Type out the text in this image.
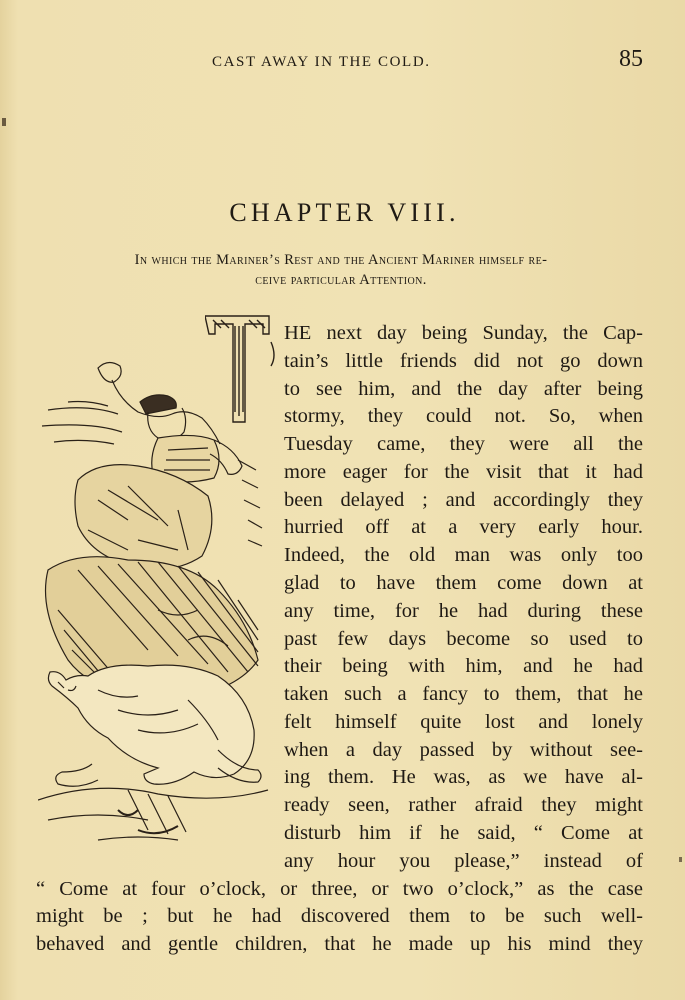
CAST AWAY IN THE COLD.	85
CHAPTER VIII.
In which the Mariner’s Rest and the Ancient Mariner himself re-
ceive particular Attention.
HE next day being Sunday, the Cap-
tain’s little friends did not go down
to see him, and the day after being
stormy, they could not. So, when
Tuesday came, they were all the
more eager for the visit that it had
been delayed ; and accordingly they
hurried off at a very early hour.
Indeed, the old man was only too
glad to have them come down at
any time, for he had during these
past few days become so used to
their being with him, and he had
taken such a fancy to them, that he
felt himself quite lost and lonely
when a day passed by without see-
ing them. He was, as we have al-
ready seen, rather afraid they might
disturb him if he said, “ Come at
any hour you please,” instead of
“ Come at four o’clock, or three, or two o’clock,” as the case
might be ; but he had discovered them to be such well-
behaved and gentle children, that he made up his mind they
